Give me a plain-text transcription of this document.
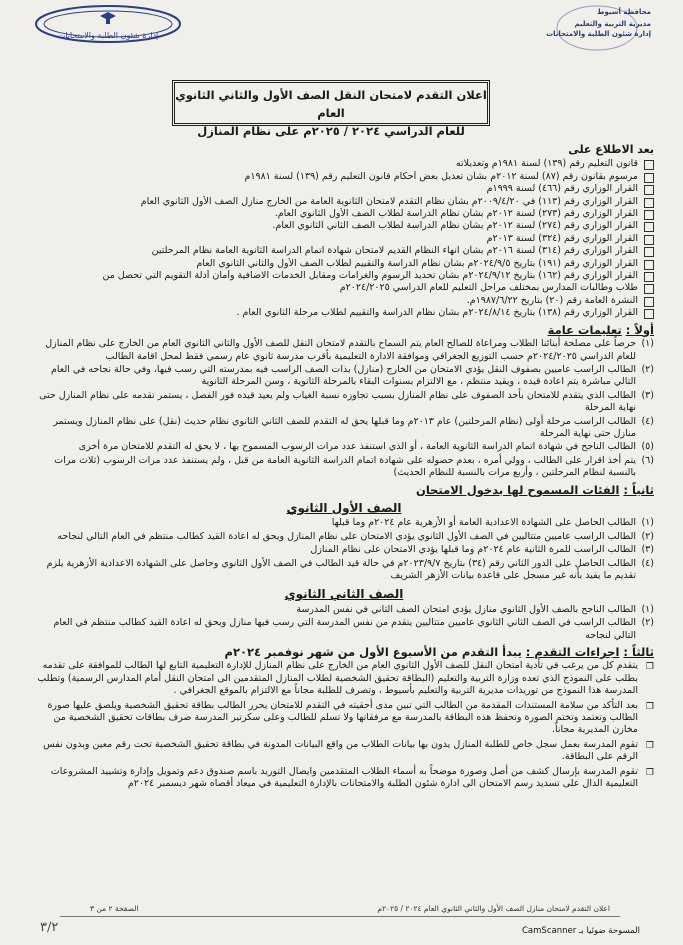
إدارة شئون الطلبة والامتحانات
محافظة أسيوط
مديرية التربية والتعليم
إدارة شئون الطلبة والامتحانات
اعلان التقدم لامتحان النقل الصف الأول والثاني الثانوي العام
للعام الدراسي ٢٠٢٤ / ٢٠٢٥م على نظام المنازل
بعد الاطلاع على
قانون التعليم رقم (١٣٩) لسنة ١٩٨١م وتعديلاته
مرسوم بقانون رقم (٨٧) لسنة ٢٠١٢م بشأن تعديل بعض أحكام قانون التعليم رقم (١٣٩) لسنة ١٩٨١م
القرار الوزاري رقم (٤٦٦) لسنة ١٩٩٩م
القرار الوزاري رقم (١١٣) في ٢٠٠٩/٤/٢٠م بشأن نظام التقدم لامتحان الثانوية العامة من الخارج منازل الصف الأول الثانوي العام
القرار الوزاري رقم (٢٧٣) لسنة ٢٠١٢م بشأن نظام الدراسة لطلاب الصف الأول الثانوي العام.
القرار الوزاري رقم (٢٧٤) لسنة ٢٠١٢م بشأن نظام الدراسة لطلاب الصف الثاني الثانوي العام.
القرار الوزاري رقم (٣٢٤) لسنة ٢٠١٣م
القرار الوزاري رقم (٣١٤) لسنة ٢٠١٦م بشأن انهاء النظام القديم لامتحان شهادة اتمام الدراسة الثانوية العامة نظام المرحلتين
القرار الوزاري رقم (١٩١) بتاريخ ٢٠٢٤/٩/٥م بشأن نظام الدراسة والتقييم لطلاب الصف الأول والثاني الثانوي العام
القرار الوزاري رقم (١٦٢) بتاريخ ٢٠٢٤/٩/١٢م بشأن تحديد الرسوم والغرامات ومقابل الخدمات الاضافية وأمان أدلة التقويم التي تحصل من
طلاب وطالبات المدارس بمختلف مراحل التعليم للعام الدراسي ٢٠٢٤/٢٠٢٥م
النشرة العامة رقم (٢٠) بتاريخ ١٩٨٧/٦/٢٢م.
القرار الوزاري رقم (١٣٨) بتاريخ ٢٠٢٤/٨/١٤م بشأن نظام الدراسة والتقييم لطلاب مرحلة الثانوي العام .
أولاً : تعليمات عامة
(١)
حرصاً على مصلحة أبنائنا الطلاب ومراعاة للصالح العام يتم السماح بالتقدم لامتحان النقل للصف الأول والثاني الثانوي العام من الخارج على نظام المنازل للعام الدراسي ٢٠٢٤/٢٠٢٥م حسب التوزيع الجغرافي وموافقة الادارة التعليمية بأقرب مدرسة ثانوي عام رسمي فقط لمحل اقامة الطالب
(٢)
الطالب الراسب عاميين بصفوف النقل يؤدي الامتحان من الخارج (منازل) بذات الصف الراسب فيه بمدرسته التي رسب فيها، وفي حالة نجاحه في العام التالي مباشرة يتم اعادة قيده ، ويقيد منتظم ، مع الالتزام بسنوات البقاء بالمرحلة الثانوية ، وسن المرحلة الثانوية
(٣)
الطالب الذي يتقدم للامتحان بأحد الصفوف على نظام المنازل بسبب تجاوزه نسبة الغياب ولم يعيد قيده فور الفصل ، يستمر تقدمه على نظام المنازل حتى نهاية المرحلة
(٤)
الطالب الراسب مرحلة أولى (نظام المرحلتين) عام ٢٠١٣م وما قبلها يحق له التقدم للصف الثاني الثانوي نظام حديث (نقل) على نظام المنازل ويستمر منازل حتى نهاية المرحلة
(٥)
الطالب الناجح في شهادة اتمام الدراسة الثانوية العامة ، أو الذي استنفذ عدد مرات الرسوب المسموح بها ، لا يحق له التقدم للامتحان مرة أخرى
(٦)
يتم أخذ اقرار على الطالب ، وولي أمره ، بعدم حصوله على شهادة اتمام الدراسة الثانوية العامة من قبل ، ولم يستنفذ عدد مرات الرسوب (ثلاث مرات بالنسبة لنظام المرحلتين ، وأربع مرات بالنسبة للنظام الحديث)
ثانياً : الفئات المسموح لها بدخول الامتحان
الصف الأول الثانوي
(١)
الطالب الحاصل على الشهادة الاعدادية العامة أو الأزهرية عام ٢٠٢٤م وما قبلها
(٢)
الطالب الراسب عاميين متتاليين في الصف الأول الثانوي يؤدي الامتحان على نظام المنازل ويحق له اعادة القيد كطالب منتظم في العام التالي لنجاحه
(٣)
الطالب الراسب للمرة الثانية عام ٢٠٢٤م وما قبلها يؤدي الامتحان على نظام المنازل
(٤)
الطالب الحاصل على الدور الثاني رقم (٣٤) بتاريخ ٢٠٢٣/٩/٧م في حالة قيد الطالب في الصف الأول الثانوي وحاصل على الشهادة الاعدادية الأزهرية يلزم تقديم ما يفيد بأنه غير مسجل على قاعدة بيانات الأزهر الشريف
الصف الثاني الثانوي
(١)
الطالب الناجح بالصف الأول الثانوي منازل يؤدي امتحان الصف الثاني في نفس المدرسة
(٢)
الطالب الراسب في الصف الثاني الثانوي عاميين متتاليين يتقدم من نفس المدرسة التي رسب فيها منازل ويحق له اعادة القيد كطالب منتظم في العام التالي لنجاحه
ثالثاً : اجراءات التقدم : يبدأ التقدم من الأسبوع الأول من شهر نوفمبر ٢٠٢٤م
❐
يتقدم كل من يرغب في تأدية امتحان النقل للصف الأول الثانوي العام من الخارج على نظام المنازل للإدارة التعليمية التابع لها الطالب للموافقة على تقدمه بطلب على النموذج الذي تعده وزارة التربية والتعليم (البطاقة تحقيق الشخصية لطلاب المنازل المتقدمين الى امتحان النقل أمام المدارس الرسمية) وتطلب المدرسة هذا النموذج من توريدات مديرية التربية والتعليم بأسيوط ، وتصرف للطلبة مجاناً مع الالتزام بالموقع الجغرافي .
❐
بعد التأكد من سلامة المستندات المقدمة من الطالب التي تبين مدى أحقيته في التقدم للامتحان يحرر الطالب بطاقة تحقيق الشخصية ويلصق عليها صورة الطالب وتعتمد وتختم الصورة وتحفظ هذه البطاقة بالمدرسة مع مرفقاتها ولا تسلم للطالب وعلى سكرتير المدرسة صرف بطاقات تحقيق الشخصية من مخازن المديرية مجاناً.
❐
تقوم المدرسة بعمل سجل خاص للطلبة المنازل يدون بها بيانات الطلاب من واقع البيانات المدونة في بطاقة تحقيق الشخصية تحت رقم معين وبدون نفس الرقم على البطاقة.
❐
تقوم المدرسة بإرسال كشف من أصل وصورة موضحاً به أسماء الطلاب المتقدمين وايصال التوريد باسم صندوق دعم وتمويل وإدارة وتشييد المشروعات التعليمية الدال على تسديد رسم الامتحان الى ادارة شئون الطلبة والامتحانات بالإدارة التعليمية في ميعاد أقصاه شهر ديسمبر ٢٠٢٤م
اعلان التقدم لامتحان منازل الصف الأول والثاني الثانوي العام ٢٠٢٤ / ٢٠٢٥م
الصفحة ٢ من ٣
٣/٢	المسوحة ضوئيا بـ CamScanner
